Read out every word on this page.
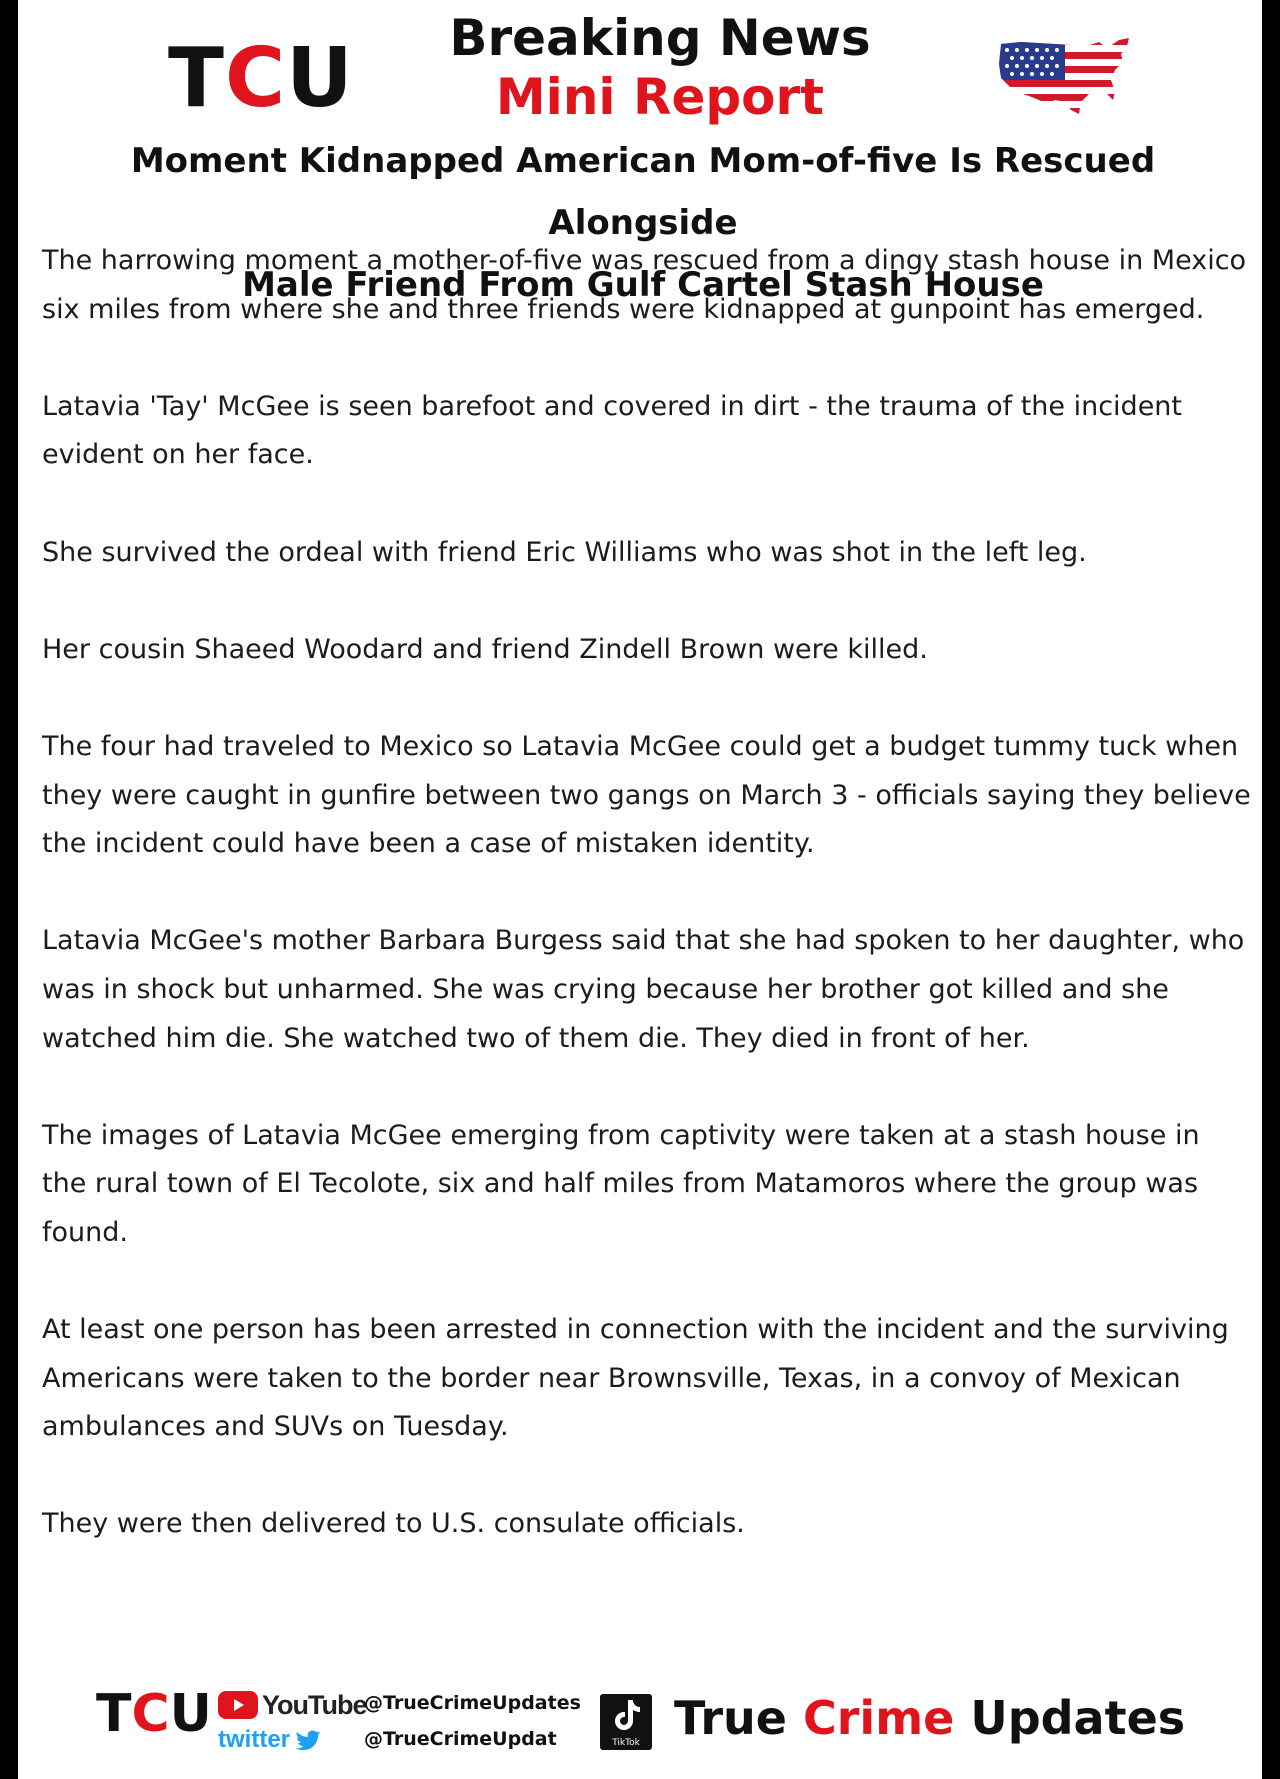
TCU	Breaking News
Mini Report
Moment Kidnapped American Mom-of-five Is Rescued Alongside
Male Friend From Gulf Cartel Stash House

The harrowing moment a mother-of-five was rescued from a dingy stash house in Mexico six miles from where she and three friends were kidnapped at gunpoint has emerged.

Latavia 'Tay' McGee is seen barefoot and covered in dirt - the trauma of the incident evident on her face.

She survived the ordeal with friend Eric Williams who was shot in the left leg.

Her cousin Shaeed Woodard and friend Zindell Brown were killed.

The four had traveled to Mexico so Latavia McGee could get a budget tummy tuck when they were caught in gunfire between two gangs on March 3 - officials saying they believe the incident could have been a case of mistaken identity.

Latavia McGee's mother Barbara Burgess said that she had spoken to her daughter, who was in shock but unharmed. She was crying because her brother got killed and she watched him die. She watched two of them die. They died in front of her.

The images of Latavia McGee emerging from captivity were taken at a stash house in the rural town of El Tecolote, six and half miles from Matamoros where the group was found.

At least one person has been arrested in connection with the incident and the surviving Americans were taken to the border near Brownsville, Texas, in a convoy of Mexican ambulances and SUVs on Tuesday.

They were then delivered to U.S. consulate officials.

TCU YouTube
twitter
@TrueCrimeUpdates
@TrueCrimeUpdat	TikTok True Crime Updates
